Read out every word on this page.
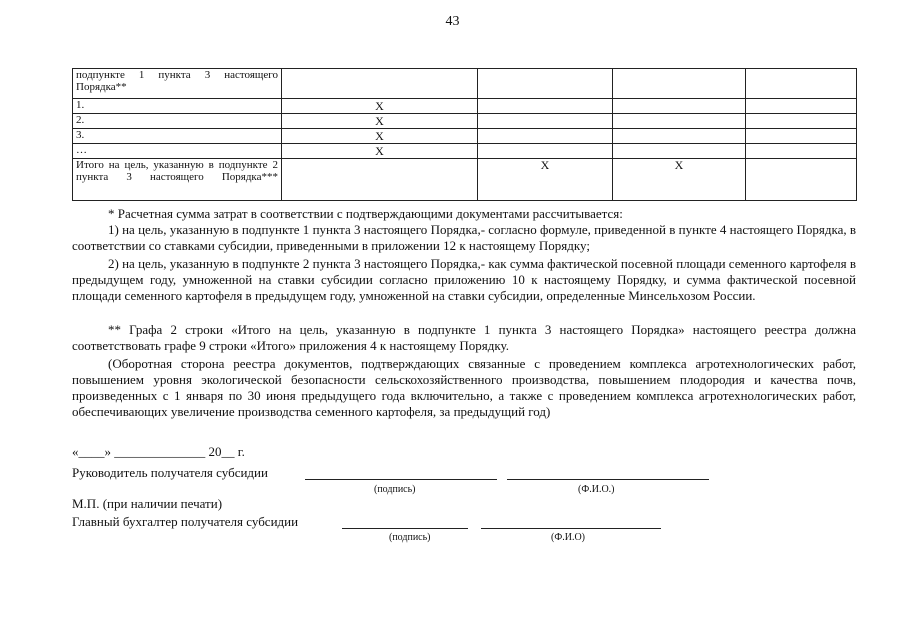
43
подпункте 1 пункта 3 настоящего Порядка**				
1.	X			
2.	X			
3.	X			
…	X			
Итого на цель, указанную в подпункте 2 пункта 3 настоящего Порядка***		X	X	

* Расчетная сумма затрат в соответствии с подтверждающими документами рассчитывается:

1) на цель, указанную в подпункте 1 пункта 3 настоящего Порядка,- согласно формуле, приведенной в пункте 4 настоящего Порядка, в соответствии со ставками субсидии, приведенными в приложении 12 к настоящему Порядку;

2) на цель, указанную в подпункте 2 пункта 3 настоящего Порядка,- как сумма фактической посевной площади семенного картофеля в предыдущем году, умноженной на ставки субсидии согласно приложению 10 к настоящему Порядку, и сумма фактической посевной площади семенного картофеля в предыдущем году, умноженной на ставки субсидии, определенные Минсельхозом России.

** Графа 2 строки «Итого на цель, указанную в подпункте 1 пункта 3 настоящего Порядка» настоящего реестра должна соответствовать графе 9 строки «Итого» приложения 4 к настоящему Порядку.

(Оборотная сторона реестра документов, подтверждающих связанные с проведением комплекса агротехнологических работ, повышением уровня экологической безопасности сельскохозяйственного производства, повышением плодородия и качества почв, произведенных с 1 января по 30 июня предыдущего года включительно, а также с проведением комплекса агротехнологических работ, обеспечивающих увеличение производства семенного картофеля, за предыдущий год)

«____» ______________ 20__ г.
Руководитель получателя субсидии
(подпись)	(Ф.И.О.)
М.П. (при наличии печати)
Главный бухгалтер получателя субсидии
(подпись)	(Ф.И.О)
